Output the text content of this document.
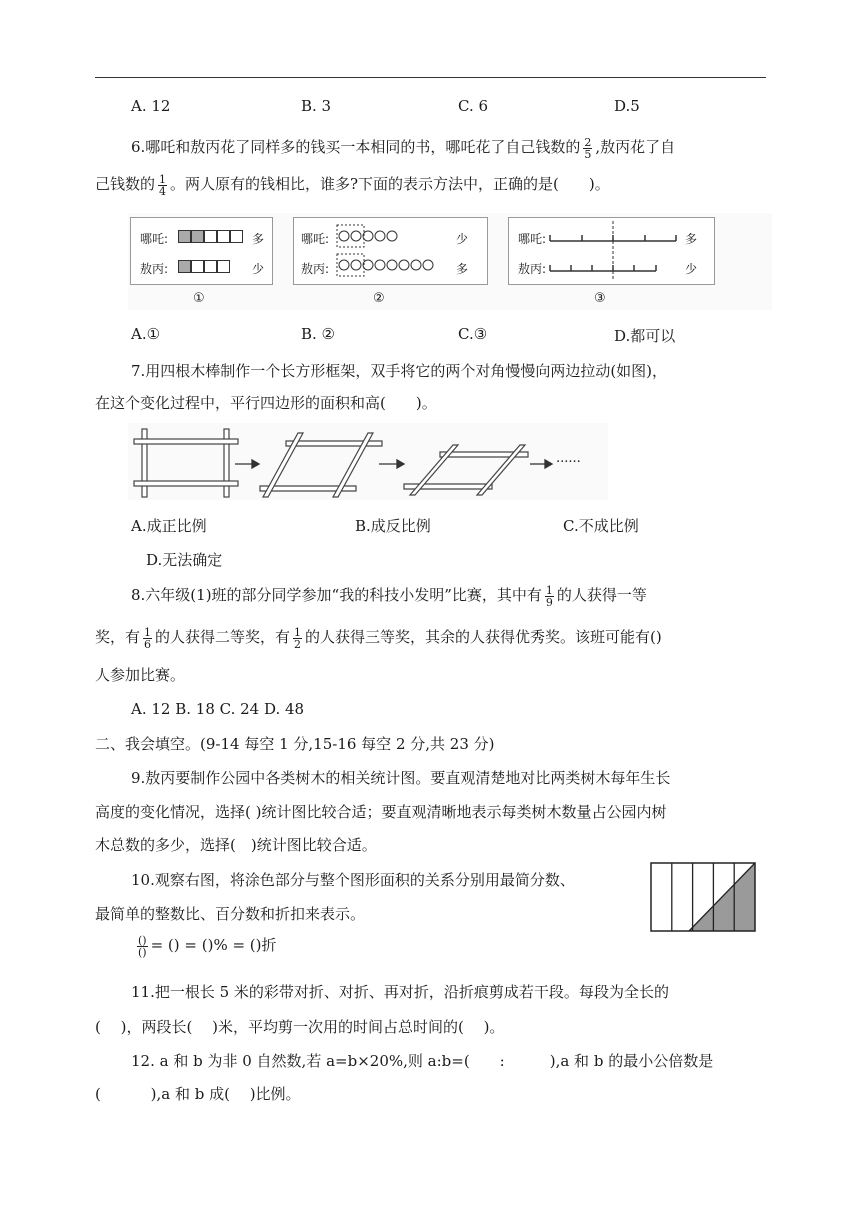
A. 12	B. 3	C. 6	D.5
6.哪吒和敖丙花了同样多的钱买一本相同的书，哪吒花了自己钱数的 $\frac{2}{5}$ ,敖丙花了自
己钱数的 $\frac{1}{4}$ 。两人原有的钱相比，谁多?下面的表示方法中，正确的是(　　)。
哪吒:	多
敖丙:	少
①
哪吒:
敖丙:
少
多
②
哪吒:
敖丙:
多
少
③
A.①	B. ②	C.③	D.都可以
7.用四根木棒制作一个长方形框架，双手将它的两个对角慢慢向两边拉动(如图)，
在这个变化过程中，平行四边形的面积和高(　　)。
......
A.成正比例	B.成反比例	C.不成比例
D.无法确定
8.六年级(1)班的部分同学参加“我的科技小发明”比赛，其中有 $\frac{1}{9}$ 的人获得一等
奖，有 $\frac{1}{6}$ 的人获得二等奖，有 $\frac{1}{2}$ 的人获得三等奖，其余的人获得优秀奖。该班可能有()
人参加比赛。
A. 12 B. 18 C. 24 D. 48
二、我会填空。(9-14 每空 1 分,15-16 每空 2 分,共 23 分)
9.敖丙要制作公园中各类树木的相关统计图。要直观清楚地对比两类树木每年生长
高度的变化情况，选择( )统计图比较合适；要直观清晰地表示每类树木数量占公园内树
木总数的多少，选择(　)统计图比较合适。
10.观察右图，将涂色部分与整个图形面积的关系分别用最简分数、
最简单的整数比、百分数和折扣来表示。
$\frac{()}{()}$ = () = ()% = ()折
11.把一根长 5 米的彩带对折、对折、再对折，沿折痕剪成若干段。每段为全长的
(　 )，两段长(　 )米，平均剪一次用的时间占总时间的(　 )。
12. a 和 b 为非 0 自然数,若 a=b×20%,则 a:b=(　　:　　　),a 和 b 的最小公倍数是
(　　　 ),a 和 b 成(　 )比例。
